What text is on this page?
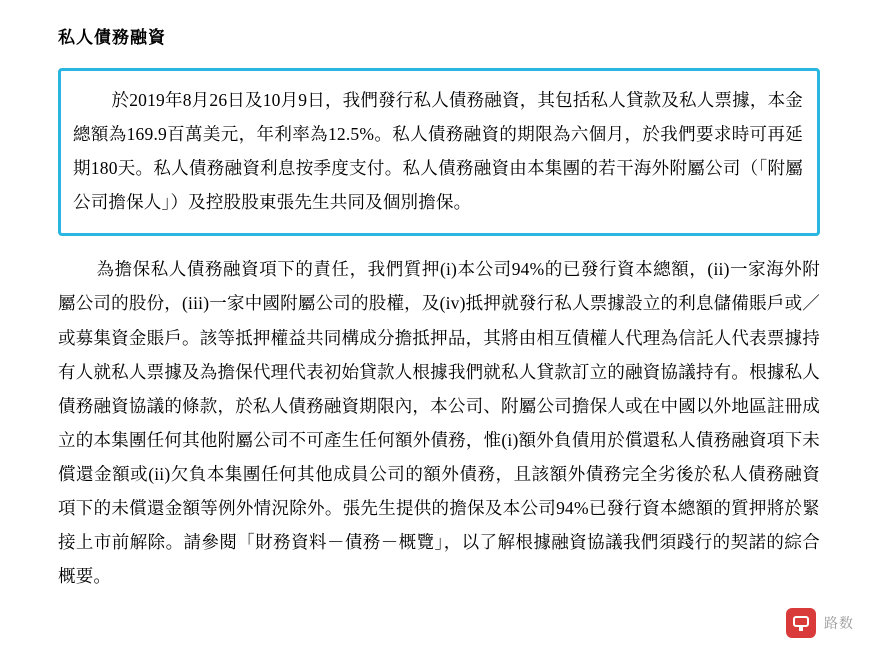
私人債務融資

於2019年8月26日及10月9日，我們發行私人債務融資，其包括私人貸款及私人票據，本金總額為169.9百萬美元，年利率為12.5%。私人債務融資的期限為六個月，於我們要求時可再延期180天。私人債務融資利息按季度支付。私人債務融資由本集團的若干海外附屬公司（「附屬公司擔保人」）及控股股東張先生共同及個別擔保。

為擔保私人債務融資項下的責任，我們質押(i)本公司94%的已發行資本總額，(ii)一家海外附屬公司的股份，(iii)一家中國附屬公司的股權，及(iv)抵押就發行私人票據設立的利息儲備賬戶或／或募集資金賬戶。該等抵押權益共同構成分擔抵押品，其將由相互債權人代理為信託人代表票據持有人就私人票據及為擔保代理代表初始貸款人根據我們就私人貸款訂立的融資協議持有。根據私人債務融資協議的條款，於私人債務融資期限內，本公司、附屬公司擔保人或在中國以外地區註冊成立的本集團任何其他附屬公司不可產生任何額外債務，惟(i)額外負債用於償還私人債務融資項下未償還金額或(ii)欠負本集團任何其他成員公司的額外債務，且該額外債務完全劣後於私人債務融資項下的未償還金額等例外情況除外。張先生提供的擔保及本公司94%已發行資本總額的質押將於緊接上市前解除。請參閱「財務資料－債務－概覽」，以了解根據融資協議我們須踐行的契諾的綜合概要。

路数
